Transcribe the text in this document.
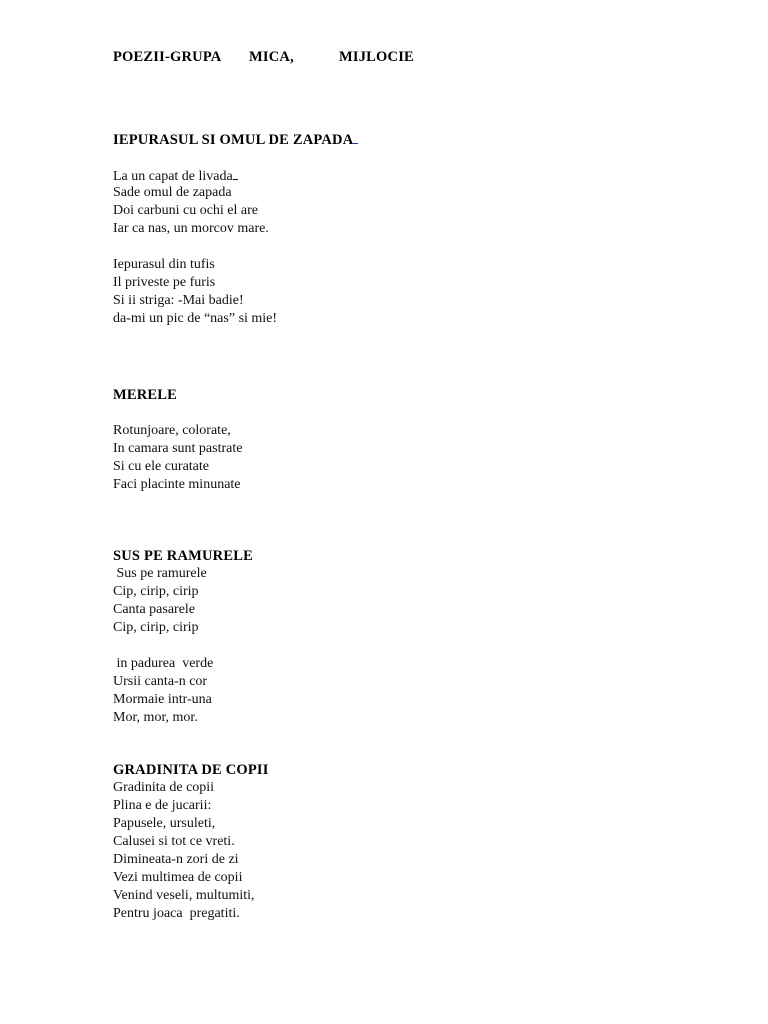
POEZII-GRUPA MICA,	MIJLOCIE
IEPURASUL SI OMUL DE ZAPADA
La un capat de livada
Sade omul de zapada
Doi carbuni cu ochi el are
Iar ca nas, un morcov mare.
Iepurasul din tufis
Il priveste pe furis
Si ii striga: -Mai badie!
da-mi un pic de “nas” si mie!
MERELE
Rotunjoare, colorate,
In camara sunt pastrate
Si cu ele curatate
Faci placinte minunate
SUS PE RAMURELE
Sus pe ramurele
Cip, cirip, cirip
Canta pasarele
Cip, cirip, cirip
in padurea  verde
Ursii canta-n cor
Mormaie intr-una
Mor, mor, mor.
GRADINITA DE COPII
Gradinita de copii
Plina e de jucarii:
Papusele, ursuleti,
Calusei si tot ce vreti.
Dimineata-n zori de zi
Vezi multimea de copii
Venind veseli, multumiti,
Pentru joaca  pregatiti.
